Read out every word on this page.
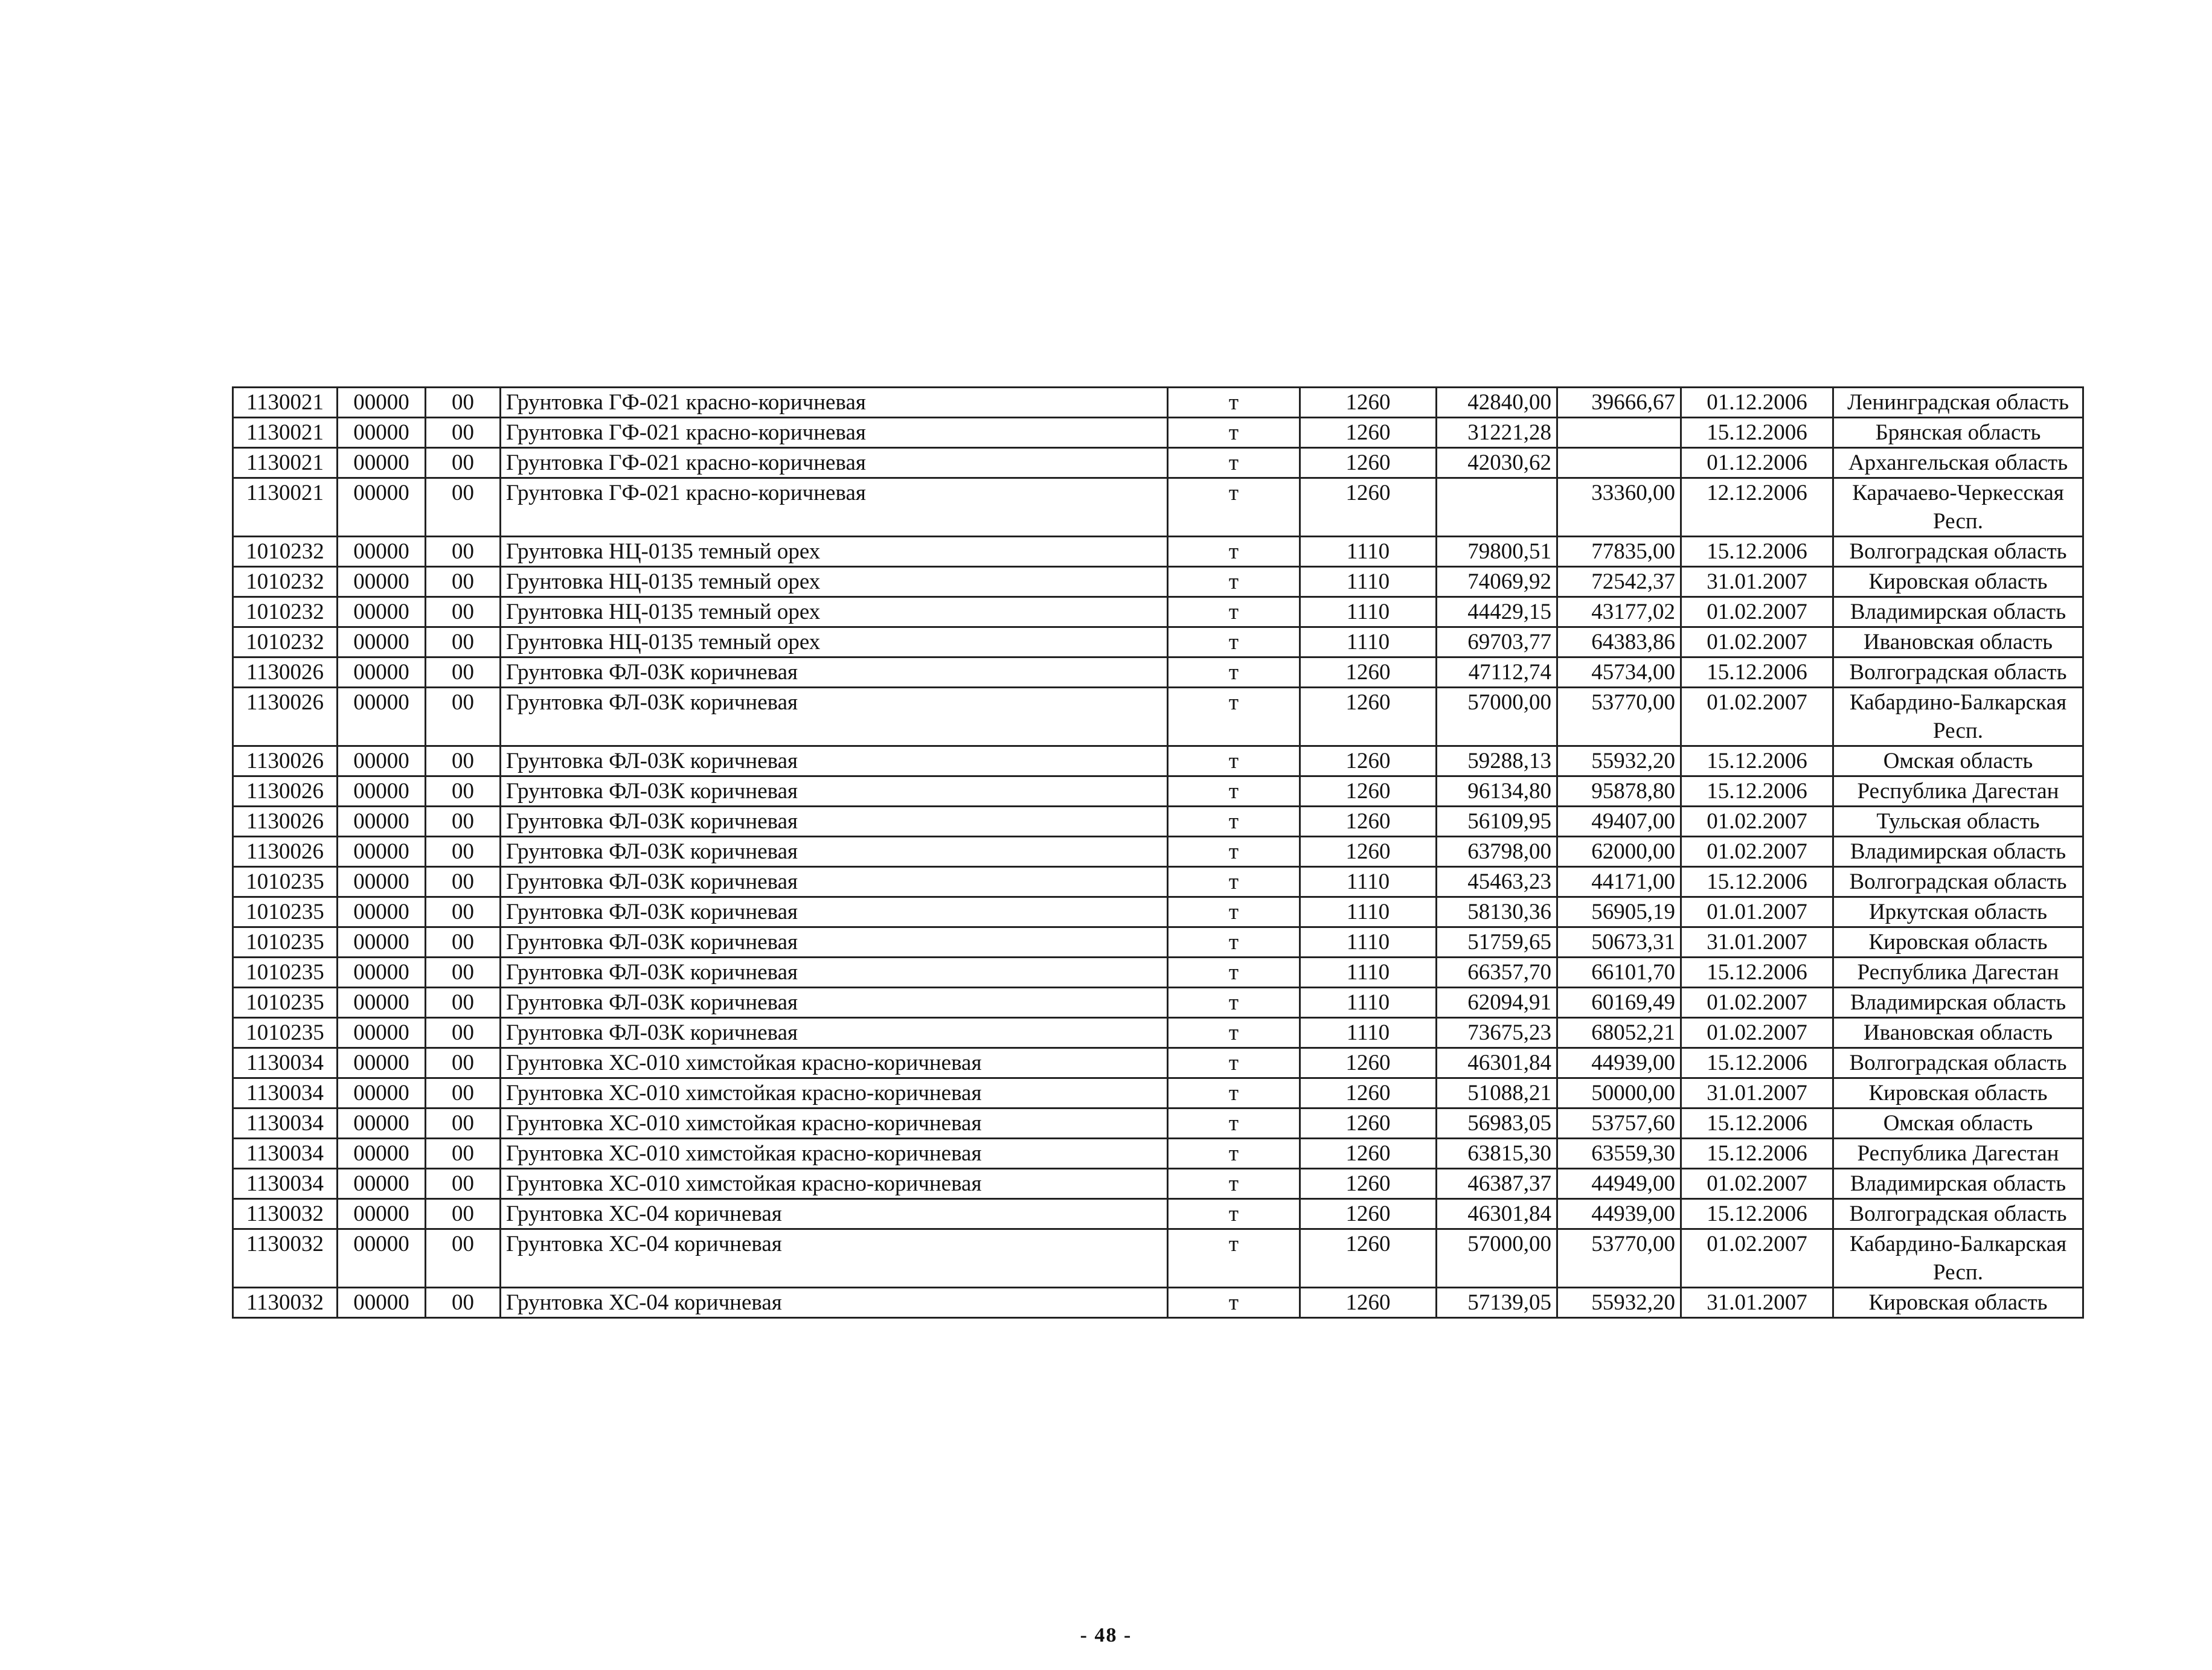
1130021	00000	00	Грунтовка ГФ-021 красно-коричневая	т	1260	42840,00	39666,67	01.12.2006	Ленинградская область
1130021	00000	00	Грунтовка ГФ-021 красно-коричневая	т	1260	31221,28		15.12.2006	Брянская область
1130021	00000	00	Грунтовка ГФ-021 красно-коричневая	т	1260	42030,62		01.12.2006	Архангельская область
1130021	00000	00	Грунтовка ГФ-021 красно-коричневая	т	1260		33360,00	12.12.2006	Карачаево-Черкесская Респ.
1010232	00000	00	Грунтовка НЦ-0135 темный орех	т	1110	79800,51	77835,00	15.12.2006	Волгоградская область
1010232	00000	00	Грунтовка НЦ-0135 темный орех	т	1110	74069,92	72542,37	31.01.2007	Кировская область
1010232	00000	00	Грунтовка НЦ-0135 темный орех	т	1110	44429,15	43177,02	01.02.2007	Владимирская область
1010232	00000	00	Грунтовка НЦ-0135 темный орех	т	1110	69703,77	64383,86	01.02.2007	Ивановская область
1130026	00000	00	Грунтовка ФЛ-03К коричневая	т	1260	47112,74	45734,00	15.12.2006	Волгоградская область
1130026	00000	00	Грунтовка ФЛ-03К коричневая	т	1260	57000,00	53770,00	01.02.2007	Кабардино-Балкарская Респ.
1130026	00000	00	Грунтовка ФЛ-03К коричневая	т	1260	59288,13	55932,20	15.12.2006	Омская область
1130026	00000	00	Грунтовка ФЛ-03К коричневая	т	1260	96134,80	95878,80	15.12.2006	Республика Дагестан
1130026	00000	00	Грунтовка ФЛ-03К коричневая	т	1260	56109,95	49407,00	01.02.2007	Тульская область
1130026	00000	00	Грунтовка ФЛ-03К коричневая	т	1260	63798,00	62000,00	01.02.2007	Владимирская область
1010235	00000	00	Грунтовка ФЛ-03К коричневая	т	1110	45463,23	44171,00	15.12.2006	Волгоградская область
1010235	00000	00	Грунтовка ФЛ-03К коричневая	т	1110	58130,36	56905,19	01.01.2007	Иркутская область
1010235	00000	00	Грунтовка ФЛ-03К коричневая	т	1110	51759,65	50673,31	31.01.2007	Кировская область
1010235	00000	00	Грунтовка ФЛ-03К коричневая	т	1110	66357,70	66101,70	15.12.2006	Республика Дагестан
1010235	00000	00	Грунтовка ФЛ-03К коричневая	т	1110	62094,91	60169,49	01.02.2007	Владимирская область
1010235	00000	00	Грунтовка ФЛ-03К коричневая	т	1110	73675,23	68052,21	01.02.2007	Ивановская область
1130034	00000	00	Грунтовка ХС-010 химстойкая красно-коричневая	т	1260	46301,84	44939,00	15.12.2006	Волгоградская область
1130034	00000	00	Грунтовка ХС-010 химстойкая красно-коричневая	т	1260	51088,21	50000,00	31.01.2007	Кировская область
1130034	00000	00	Грунтовка ХС-010 химстойкая красно-коричневая	т	1260	56983,05	53757,60	15.12.2006	Омская область
1130034	00000	00	Грунтовка ХС-010 химстойкая красно-коричневая	т	1260	63815,30	63559,30	15.12.2006	Республика Дагестан
1130034	00000	00	Грунтовка ХС-010 химстойкая красно-коричневая	т	1260	46387,37	44949,00	01.02.2007	Владимирская область
1130032	00000	00	Грунтовка ХС-04 коричневая	т	1260	46301,84	44939,00	15.12.2006	Волгоградская область
1130032	00000	00	Грунтовка ХС-04 коричневая	т	1260	57000,00	53770,00	01.02.2007	Кабардино-Балкарская Респ.
1130032	00000	00	Грунтовка ХС-04 коричневая	т	1260	57139,05	55932,20	31.01.2007	Кировская область
- 48 -
